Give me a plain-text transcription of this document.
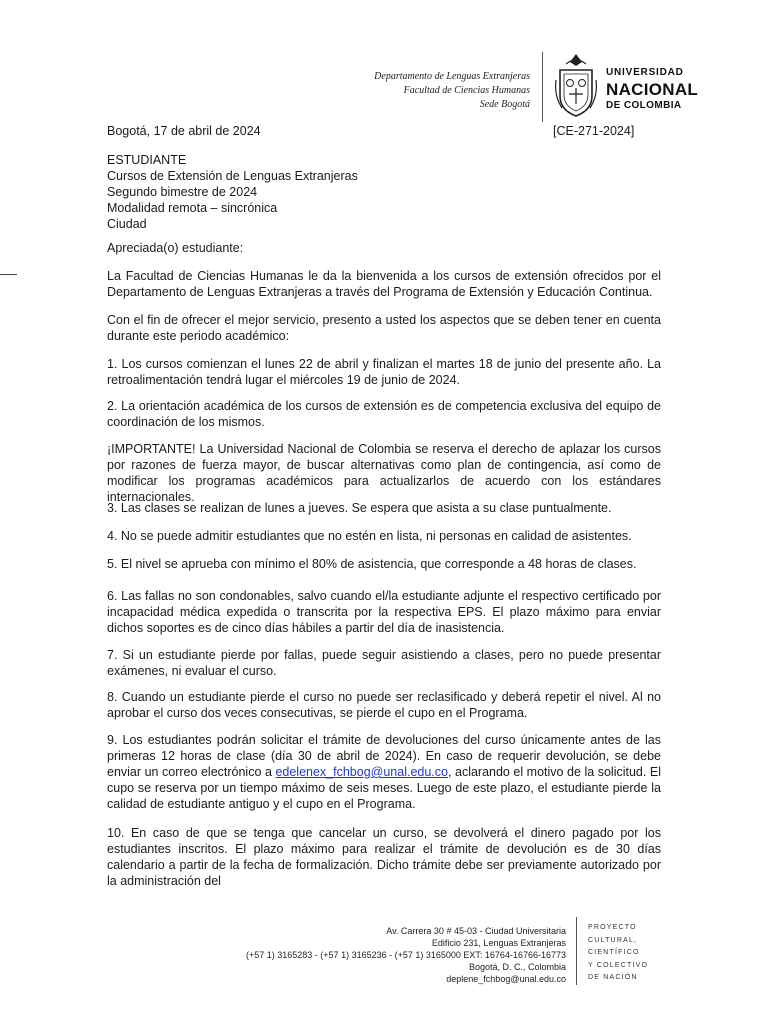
Departamento de Lenguas Extranjeras
Facultad de Ciencias Humanas
Sede Bogotá
UNIVERSIDAD
NACIONAL
DE COLOMBIA
Bogotá, 17 de abril de 2024	[CE-271-2024]
ESTUDIANTE
Cursos de Extensión de Lenguas Extranjeras
Segundo bimestre de 2024
Modalidad remota – sincrónica
Ciudad

Apreciada(o) estudiante:

La Facultad de Ciencias Humanas le da la bienvenida a los cursos de extensión ofrecidos por el Departamento de Lenguas Extranjeras a través del Programa de Extensión y Educación Continua.

Con el fin de ofrecer el mejor servicio, presento a usted los aspectos que se deben tener en cuenta durante este periodo académico:

1. Los cursos comienzan el lunes 22 de abril y finalizan el martes 18 de junio del presente año. La retroalimentación tendrá lugar el miércoles 19 de junio de 2024.

2. La orientación académica de los cursos de extensión es de competencia exclusiva del equipo de coordinación de los mismos.

¡IMPORTANTE! La Universidad Nacional de Colombia se reserva el derecho de aplazar los cursos por razones de fuerza mayor, de buscar alternativas como plan de contingencia, así como de modificar los programas académicos para actualizarlos de acuerdo con los estándares internacionales.

3. Las clases se realizan de lunes a jueves. Se espera que asista a su clase puntualmente.

4. No se puede admitir estudiantes que no estén en lista, ni personas en calidad de asistentes.

5. El nivel se aprueba con mínimo el 80% de asistencia, que corresponde a 48 horas de clases.

6. Las fallas no son condonables, salvo cuando el/la estudiante adjunte el respectivo certificado por incapacidad médica expedida o transcrita por la respectiva EPS. El plazo máximo para enviar dichos soportes es de cinco días hábiles a partir del día de inasistencia.

7. Si un estudiante pierde por fallas, puede seguir asistiendo a clases, pero no puede presentar exámenes, ni evaluar el curso.

8. Cuando un estudiante pierde el curso no puede ser reclasificado y deberá repetir el nivel. Al no aprobar el curso dos veces consecutivas, se pierde el cupo en el Programa.

9. Los estudiantes podrán solicitar el trámite de devoluciones del curso únicamente antes de las primeras 12 horas de clase (día 30 de abril de 2024). En caso de requerir devolución, se debe enviar un correo electrónico a edelenex_fchbog@unal.edu.co, aclarando el motivo de la solicitud. El cupo se reserva por un tiempo máximo de seis meses. Luego de este plazo, el estudiante pierde la calidad de estudiante antiguo y el cupo en el Programa.

10. En caso de que se tenga que cancelar un curso, se devolverá el dinero pagado por los estudiantes inscritos. El plazo máximo para realizar el trámite de devolución es de 30 días calendario a partir de la fecha de formalización. Dicho trámite debe ser previamente autorizado por la administración del

Av. Carrera 30 # 45-03 - Ciudad Universitaria
Edificio 231, Lenguas Extranjeras
(+57 1) 3165283 - (+57 1) 3165236 - (+57 1) 3165000 EXT: 16764-16766-16773
Bogotá, D. C., Colombia
deplene_fchbog@unal.edu.co
PROYECTO
CULTURAL,
CIENTÍFICO
Y COLECTIVO
DE NACIÓN
